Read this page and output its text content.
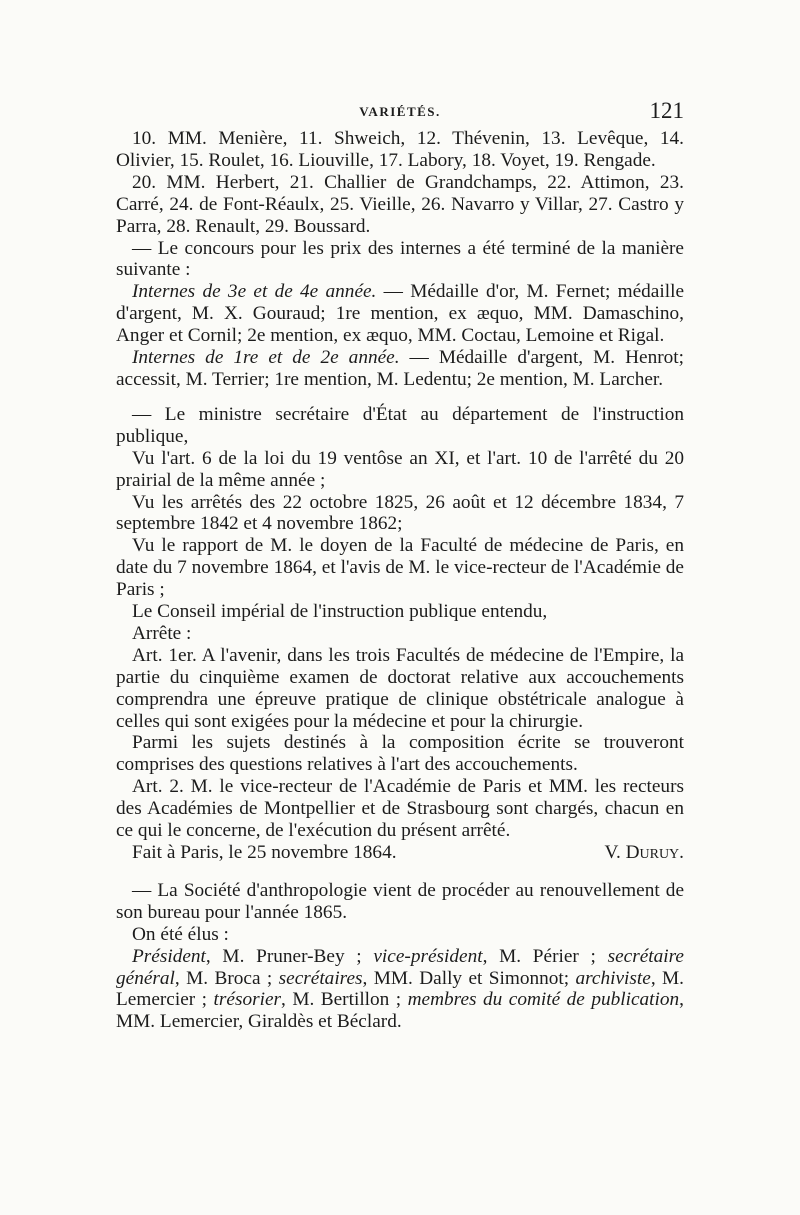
VARIÉTÉS.	121

10. MM. Menière, 11. Shweich, 12. Thévenin, 13. Levêque, 14. Olivier, 15. Roulet, 16. Liouville, 17. Labory, 18. Voyet, 19. Rengade.

20. MM. Herbert, 21. Challier de Grandchamps, 22. Attimon, 23. Carré, 24. de Font-Réaulx, 25. Vieille, 26. Navarro y Villar, 27. Castro y Parra, 28. Renault, 29. Boussard.

— Le concours pour les prix des internes a été terminé de la manière suivante :

Internes de 3e et de 4e année. — Médaille d'or, M. Fernet; médaille d'argent, M. X. Gouraud; 1re mention, ex æquo, MM. Damaschino, Anger et Cornil; 2e mention, ex æquo, MM. Coctau, Lemoine et Rigal.

Internes de 1re et de 2e année. — Médaille d'argent, M. Henrot; accessit, M. Terrier; 1re mention, M. Ledentu; 2e mention, M. Larcher.

— Le ministre secrétaire d'État au département de l'instruction publique,

Vu l'art. 6 de la loi du 19 ventôse an XI, et l'art. 10 de l'arrêté du 20 prairial de la même année ;

Vu les arrêtés des 22 octobre 1825, 26 août et 12 décembre 1834, 7 septembre 1842 et 4 novembre 1862;

Vu le rapport de M. le doyen de la Faculté de médecine de Paris, en date du 7 novembre 1864, et l'avis de M. le vice-recteur de l'Académie de Paris ;

Le Conseil impérial de l'instruction publique entendu,

Arrête :

Art. 1er. A l'avenir, dans les trois Facultés de médecine de l'Empire, la partie du cinquième examen de doctorat relative aux accouchements comprendra une épreuve pratique de clinique obstétricale analogue à celles qui sont exigées pour la médecine et pour la chirurgie.

Parmi les sujets destinés à la composition écrite se trouveront comprises des questions relatives à l'art des accouchements.

Art. 2. M. le vice-recteur de l'Académie de Paris et MM. les recteurs des Académies de Montpellier et de Strasbourg sont chargés, chacun en ce qui le concerne, de l'exécution du présent arrêté.

Fait à Paris, le 25 novembre 1864.	V. Duruy.

— La Société d'anthropologie vient de procéder au renouvellement de son bureau pour l'année 1865.

On été élus :

Président, M. Pruner-Bey ; vice-président, M. Périer ; secrétaire général, M. Broca ; secrétaires, MM. Dally et Simonnot; archiviste, M. Lemercier ; trésorier, M. Bertillon ; membres du comité de publication, MM. Lemercier, Giraldès et Béclard.
